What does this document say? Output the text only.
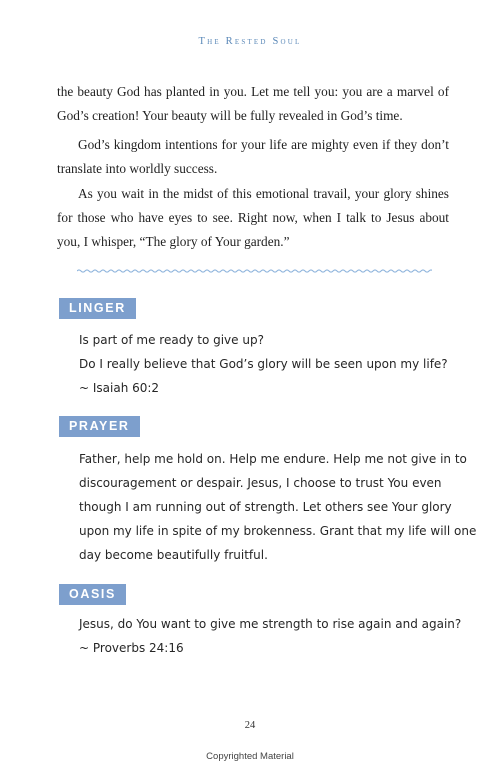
The Rested Soul

the beauty God has planted in you. Let me tell you: you are a marvel of God’s creation! Your beauty will be fully revealed in God’s time.

God’s kingdom intentions for your life are mighty even if they don’t translate into worldly success.

As you wait in the midst of this emotional travail, your glory shines for those who have eyes to see. Right now, when I talk to Jesus about you, I whisper, “The glory of Your garden.”

LINGER
Is part of me ready to give up?
Do I really believe that God’s glory will be seen upon my life?
~ Isaiah 60:2
PRAYER
Father, help me hold on. Help me endure. Help me not give in to
discouragement or despair. Jesus, I choose to trust You even
though I am running out of strength. Let others see Your glory
upon my life in spite of my brokenness. Grant that my life will one
day become beautifully fruitful.
OASIS
Jesus, do You want to give me strength to rise again and again?
~ Proverbs 24:16
24
Copyrighted Material
